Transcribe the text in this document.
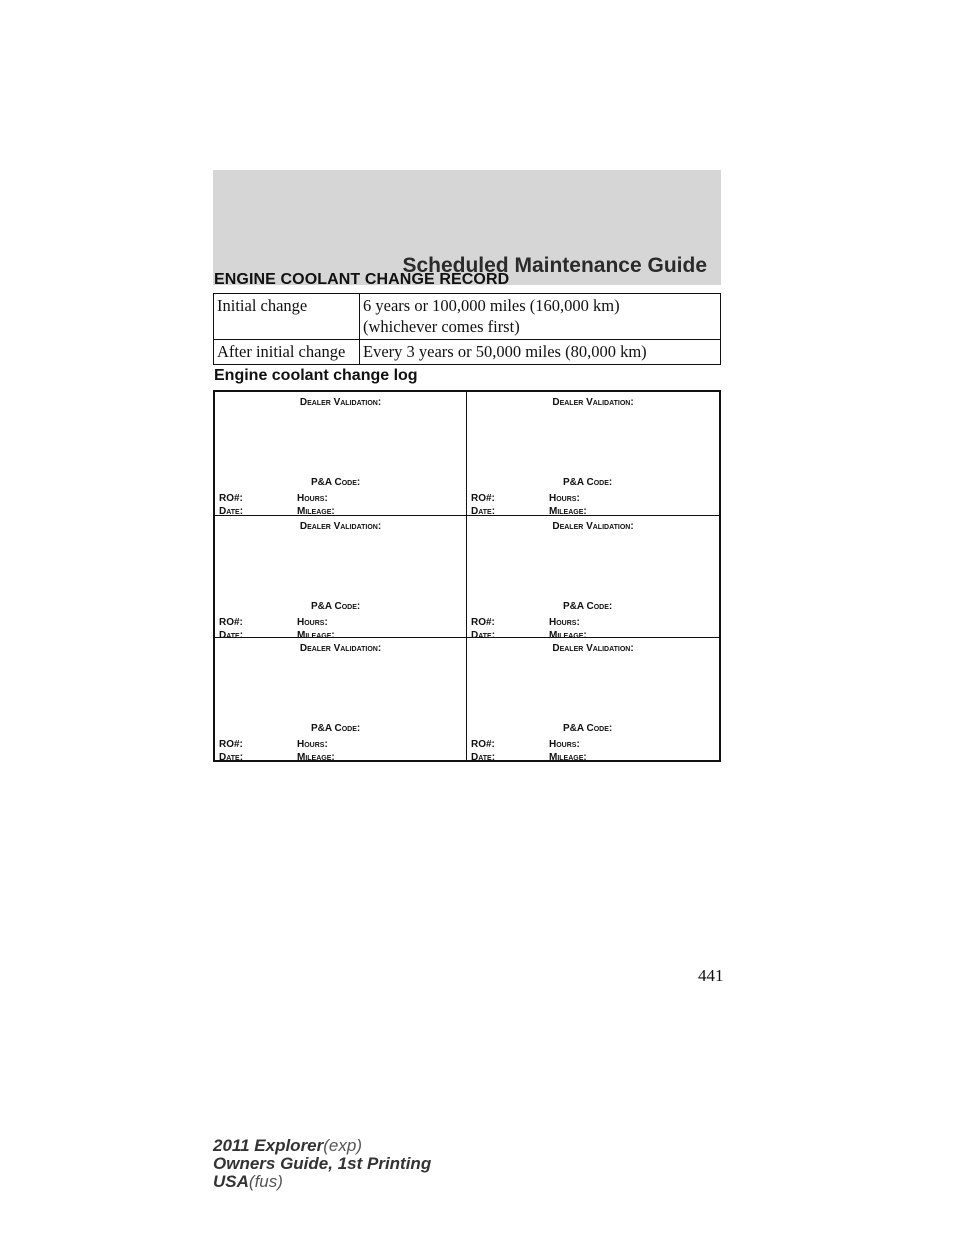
Scheduled Maintenance Guide
ENGINE COOLANT CHANGE RECORD
Initial change	6 years or 100,000 miles (160,000 km)
(whichever comes first)

After initial change	Every 3 years or 50,000 miles (80,000 km)
Engine coolant change log
Dealer Validation:
P&A Code:
RO#:	Hours:
Date:	Mileage:
Dealer Validation:
P&A Code:
RO#:	Hours:
Date:	Mileage:
Dealer Validation:
P&A Code:
RO#:	Hours:
Date:	Mileage:
Dealer Validation:
P&A Code:
RO#:	Hours:
Date:	Mileage:
Dealer Validation:
P&A Code:
RO#:	Hours:
Date:	Mileage:
Dealer Validation:
P&A Code:
RO#:	Hours:
Date:	Mileage:
441
2011 Explorer(exp)
Owners Guide, 1st Printing
USA(fus)
